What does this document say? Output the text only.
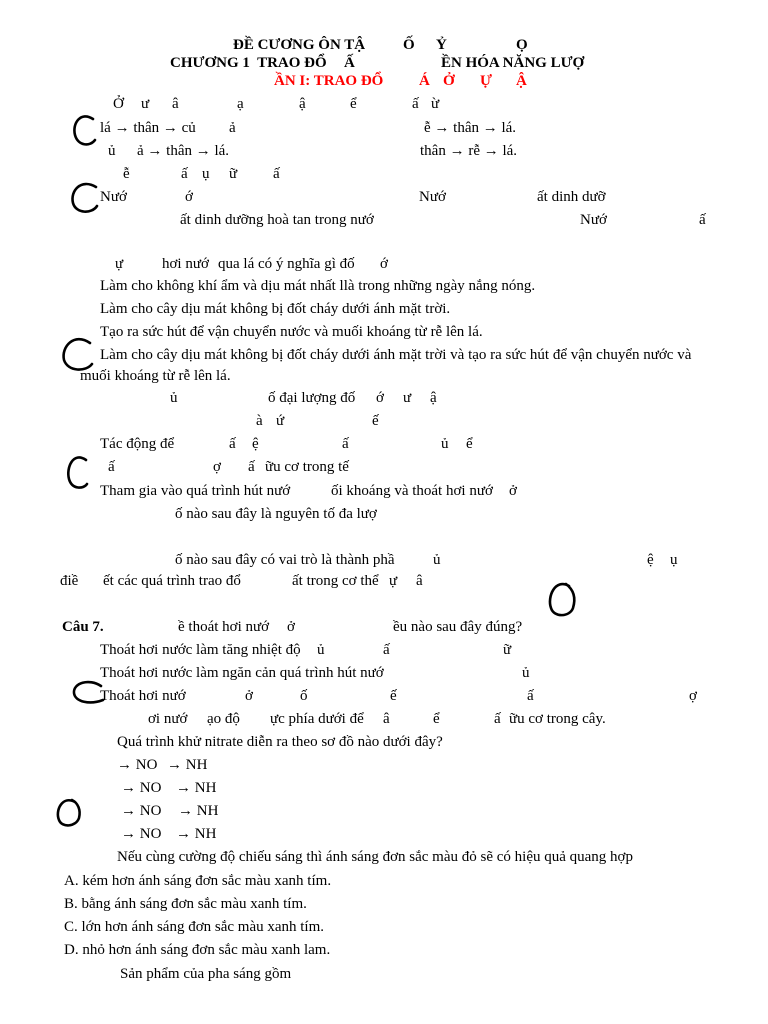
ĐỀ CƯƠNG ÔN TẬ	Ố Ỷ	Ọ
CHƯƠNG 1  TRAO ĐỔ Ấ	ỀN HÓA NĂNG LƯỢ
ẦN I: TRAO ĐỔ Á Ở Ự Ậ
Ở ư â	ạ	ậ	ể	ấ ừ
lá → thân → củ ả	ễ → thân → lá.
ủ ả → thân → lá.	thân → rễ → lá.
ễ	ấ ụ ữ ấ
Nướ	ớ	Nướ	ất dinh dưỡ
ất dinh dưỡng hoà tan trong nướ	Nướ	ấ
ự	hơi nướ qua lá có ý nghĩa gì đố ớ
Làm cho không khí ẩm và dịu mát nhất llà trong những ngày nắng nóng.
Làm cho cây dịu mát không bị đốt cháy dưới ánh mặt trời.
Tạo ra sức hút để vận chuyển nước và muối khoáng từ rễ lên lá.
Làm cho cây dịu mát không bị đốt cháy dưới ánh mặt trời và tạo ra sức hút để vận chuyển nước và
muối khoáng từ rễ lên lá.
ủ	ố đại lượng đố ớ ư ậ
à ứ	ế
Tác động để	ấ ệ	ấ	ủ ể
ấ	ợ ấ ữu cơ trong tế
Tham gia vào quá trình hút nướ	ối khoáng và thoát hơi nướ ở
ố nào sau đây là nguyên tố đa lượ
ố nào sau đây có vai trò là thành phầ	ủ	ệ ụ
điề ết các quá trình trao đổ	ất trong cơ thể ự â
Câu 7.	ề thoát hơi nướ ở	ều nào sau đây đúng?
Thoát hơi nước làm tăng nhiệt độ ủ	ấ	ữ
Thoát hơi nước làm ngăn cản quá trình hút nướ	ủ
Thoát hơi nướ	ở	ố	ế	ấ	ợ
ơi nướ ạo độ ực phía dưới để â	ể	ấ ữu cơ trong cây.
Quá trình khử nitrate diễn ra theo sơ đồ nào dưới đây?
→ NO → NH
→ NO → NH
→ NO → NH
→ NO → NH
Nếu cùng cường độ chiếu sáng thì ánh sáng đơn sắc màu đỏ sẽ có hiệu quả quang hợp
A. kém hơn ánh sáng đơn sắc màu xanh tím.
B. bằng ánh sáng đơn sắc màu xanh tím.
C. lớn hơn ánh sáng đơn sắc màu xanh tím.
D. nhỏ hơn ánh sáng đơn sắc màu xanh lam.
Sản phẩm của pha sáng gồm
